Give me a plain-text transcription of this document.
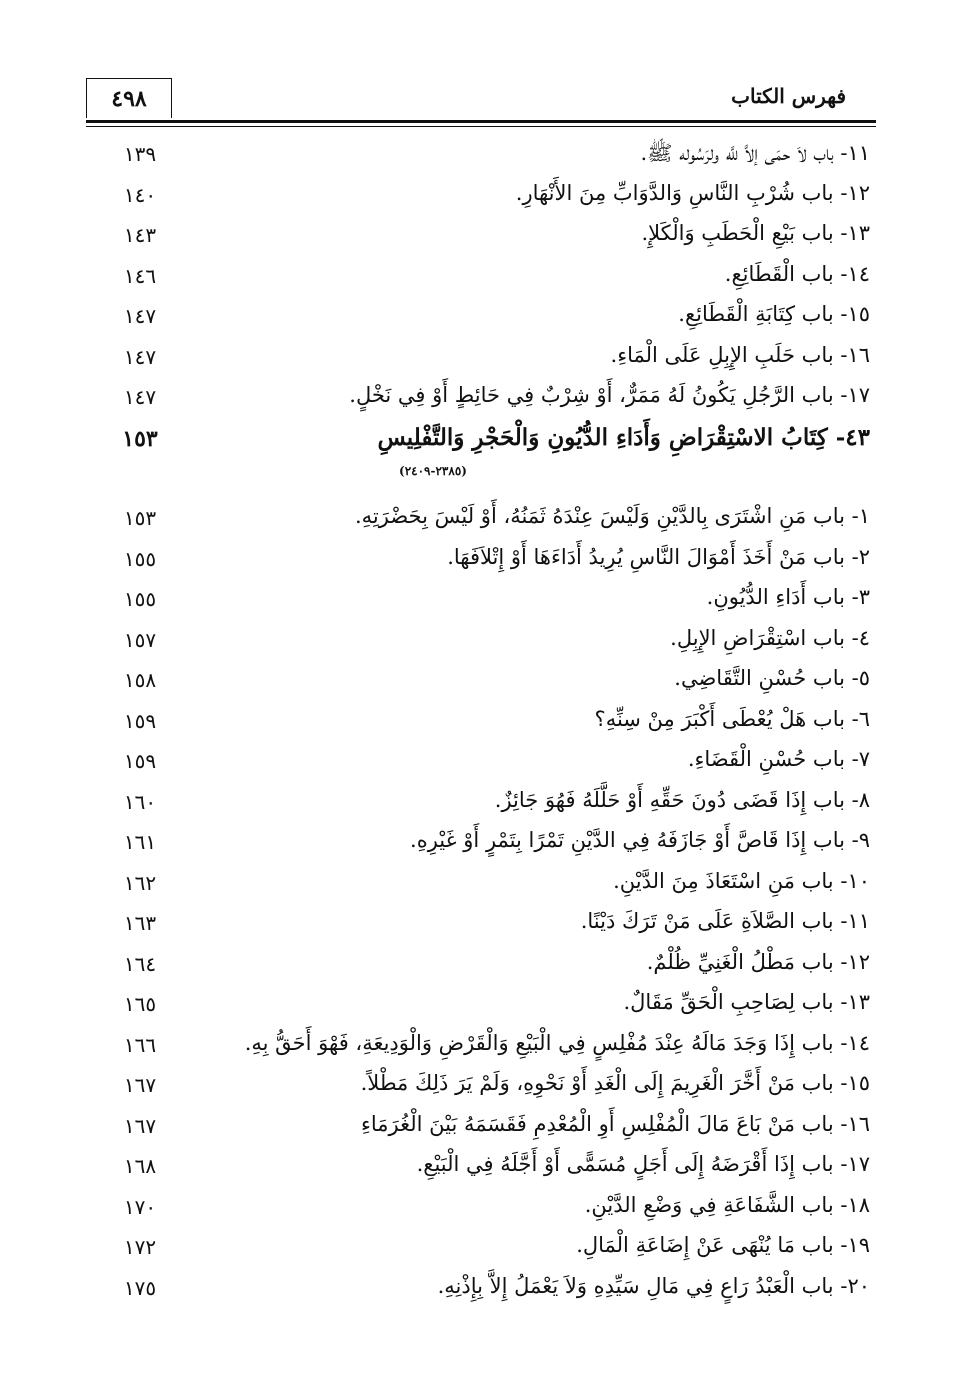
٤٩٨	فهرس الكتاب
١١- باب لاَ حمَى إلاَّ للَّه ولرَسُوله ﷺ.
١٣٩
١٢- باب شُرْبِ النَّاسِ وَالدَّوَابِّ مِنَ الأَنْهَارِ.
١٤٠
١٣- باب بَيْعِ الْحَطَبِ وَالْكَلإِ.
١٤٣
١٤- باب الْقَطَائِعِ.
١٤٦
١٥- باب كِتَابَةِ الْقَطَائِعِ.
١٤٧
١٦- باب حَلَبِ الإِبِلِ عَلَى الْمَاءِ.
١٤٧
١٧- باب الرَّجُلِ يَكُونُ لَهُ مَمَرٌّ، أَوْ شِرْبٌ فِي حَائِطٍ أَوْ فِي نَخْلٍ.
١٤٧
٤٣- كِتَابُ الاسْتِقْرَاضِ وَأَدَاءِ الدُّيُونِ وَالْحَجْرِ وَالتَّفْلِيسِ
١٥٣
(٢٣٨٥-٢٤٠٩)
١- باب مَنِ اشْتَرَى بِالدَّيْنِ وَلَيْسَ عِنْدَهُ ثَمَنُهُ، أَوْ لَيْسَ بِحَضْرَتِهِ.
١٥٣
٢- باب مَنْ أَخَذَ أَمْوَالَ النَّاسِ يُرِيدُ أَدَاءَهَا أَوْ إِتْلاَفَهَا.
١٥٥
٣- باب أَدَاءِ الدُّيُونِ.
١٥٥
٤- باب اسْتِقْرَاضِ الإِبِلِ.
١٥٧
٥- باب حُسْنِ التَّقَاضِي.
١٥٨
٦- باب هَلْ يُعْطَى أَكْبَرَ مِنْ سِنِّهِ؟
١٥٩
٧- باب حُسْنِ الْقَضَاءِ.
١٥٩
٨- باب إِذَا قَضَى دُونَ حَقِّهِ أَوْ حَلَّلَهُ فَهُوَ جَائِزٌ.
١٦٠
٩- باب إِذَا قَاصَّ أَوْ جَازَفَهُ فِي الدَّيْنِ تَمْرًا بِتَمْرٍ أَوْ غَيْرِهِ.
١٦١
١٠- باب مَنِ اسْتَعَاذَ مِنَ الدَّيْنِ.
١٦٢
١١- باب الصَّلاَةِ عَلَى مَنْ تَرَكَ دَيْنًا.
١٦٣
١٢- باب مَطْلُ الْغَنِيِّ ظُلْمٌ.
١٦٤
١٣- باب لِصَاحِبِ الْحَقِّ مَقَالٌ.
١٦٥
١٤- باب إِذَا وَجَدَ مَالَهُ عِنْدَ مُفْلِسٍ فِي الْبَيْعِ وَالْقَرْضِ وَالْوَدِيعَةِ، فَهْوَ أَحَقُّ بِهِ.
١٦٦
١٥- باب مَنْ أَخَّرَ الْغَرِيمَ إِلَى الْغَدِ أَوْ نَحْوِهِ، وَلَمْ يَرَ ذَلِكَ مَطْلاً.
١٦٧
١٦- باب مَنْ بَاعَ مَالَ الْمُفْلِسِ أَوِ الْمُعْدِمِ فَقَسَمَهُ بَيْنَ الْغُرَمَاءِ
١٦٧
١٧- باب إِذَا أَقْرَضَهُ إِلَى أَجَلٍ مُسَمًّى أَوْ أَجَّلَهُ فِي الْبَيْعِ.
١٦٨
١٨- باب الشَّفَاعَةِ فِي وَضْعِ الدَّيْنِ.
١٧٠
١٩- باب مَا يُنْهَى عَنْ إِضَاعَةِ الْمَالِ.
١٧٢
٢٠- باب الْعَبْدُ رَاعٍ فِي مَالِ سَيِّدِهِ وَلاَ يَعْمَلُ إِلاَّ بِإِذْنِهِ.
١٧٥
